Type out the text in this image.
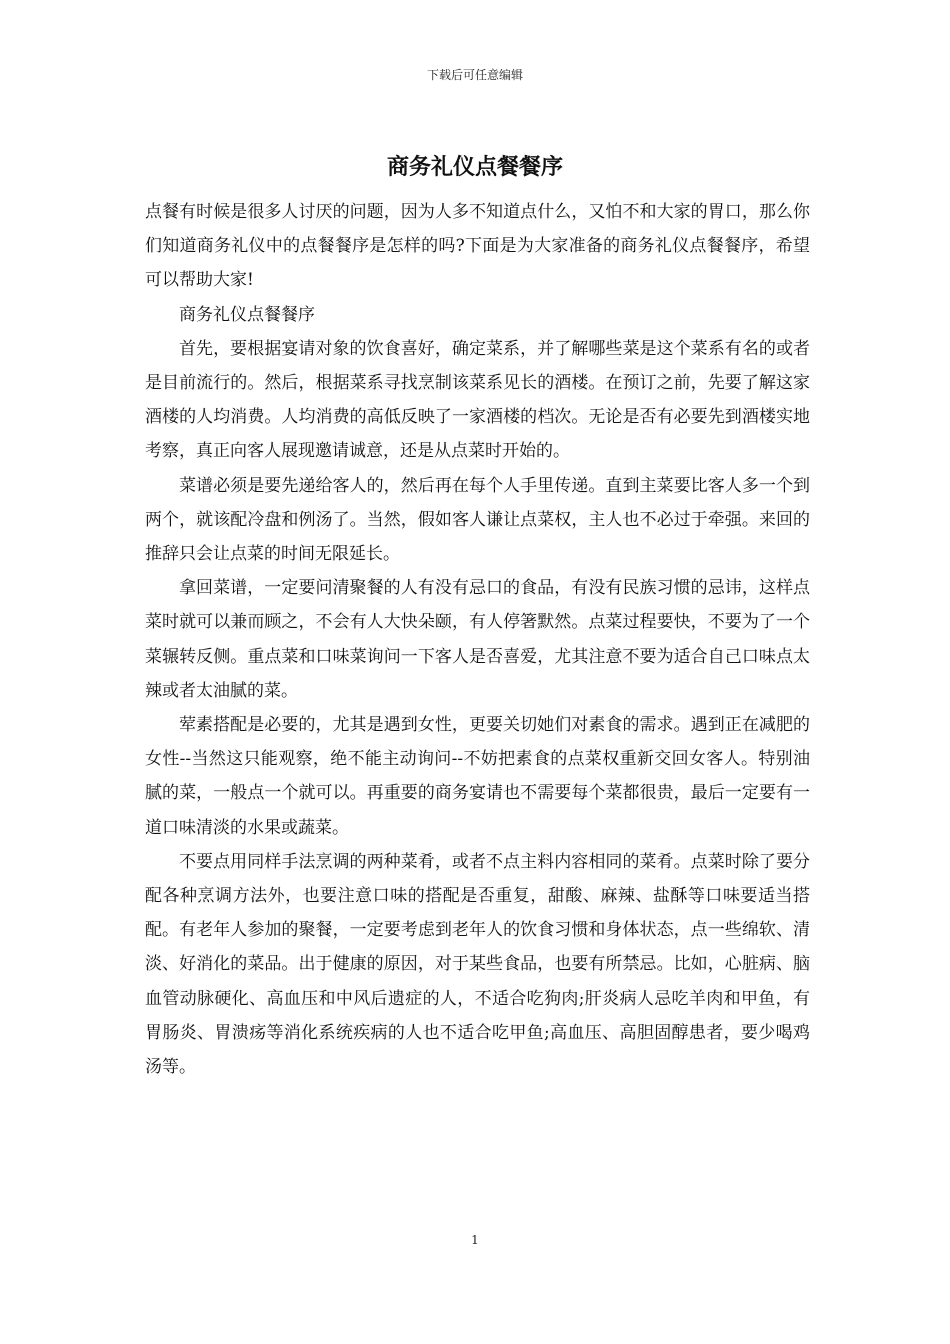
下载后可任意编辑
商务礼仪点餐餐序

点餐有时候是很多人讨厌的问题，因为人多不知道点什么，又怕不和大家的胃口，那么你们知道商务礼仪中的点餐餐序是怎样的吗?下面是为大家准备的商务礼仪点餐餐序，希望可以帮助大家!

商务礼仪点餐餐序

首先，要根据宴请对象的饮食喜好，确定菜系，并了解哪些菜是这个菜系有名的或者是目前流行的。然后，根据菜系寻找烹制该菜系见长的酒楼。在预订之前，先要了解这家酒楼的人均消费。人均消费的高低反映了一家酒楼的档次。无论是否有必要先到酒楼实地考察，真正向客人展现邀请诚意，还是从点菜时开始的。

菜谱必须是要先递给客人的，然后再在每个人手里传递。直到主菜要比客人多一个到两个，就该配冷盘和例汤了。当然，假如客人谦让点菜权，主人也不必过于牵强。来回的推辞只会让点菜的时间无限延长。

拿回菜谱，一定要问清聚餐的人有没有忌口的食品，有没有民族习惯的忌讳，这样点菜时就可以兼而顾之，不会有人大快朵颐，有人停箸默然。点菜过程要快，不要为了一个菜辗转反侧。重点菜和口味菜询问一下客人是否喜爱，尤其注意不要为适合自己口味点太辣或者太油腻的菜。

荤素搭配是必要的，尤其是遇到女性，更要关切她们对素食的需求。遇到正在减肥的女性--当然这只能观察，绝不能主动询问--不妨把素食的点菜权重新交回女客人。特别油腻的菜，一般点一个就可以。再重要的商务宴请也不需要每个菜都很贵，最后一定要有一道口味清淡的水果或蔬菜。

不要点用同样手法烹调的两种菜肴，或者不点主料内容相同的菜肴。点菜时除了要分配各种烹调方法外，也要注意口味的搭配是否重复，甜酸、麻辣、盐酥等口味要适当搭配。有老年人参加的聚餐，一定要考虑到老年人的饮食习惯和身体状态，点一些绵软、清淡、好消化的菜品。出于健康的原因，对于某些食品，也要有所禁忌。比如，心脏病、脑血管动脉硬化、高血压和中风后遗症的人，不适合吃狗肉;肝炎病人忌吃羊肉和甲鱼，有胃肠炎、胃溃疡等消化系统疾病的人也不适合吃甲鱼;高血压、高胆固醇患者，要少喝鸡汤等。

1
